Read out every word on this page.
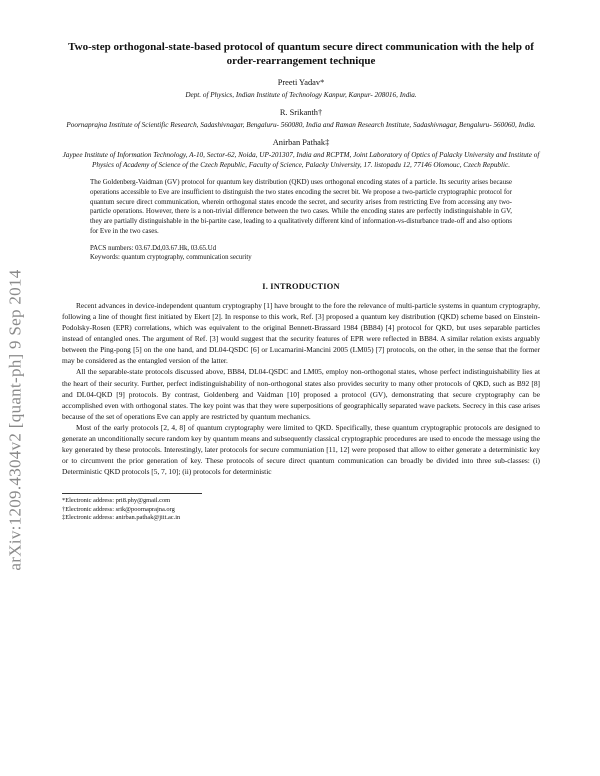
arXiv:1209.4304v2 [quant-ph] 9 Sep 2014
Two-step orthogonal-state-based protocol of quantum secure direct communication with the help of order-rearrangement technique
Preeti Yadav*
Dept. of Physics, Indian Institute of Technology Kanpur, Kanpur- 208016, India.
R. Srikanth†
Poornaprajna Institute of Scientific Research, Sadashivnagar, Bengaluru- 560080, India and Raman Research Institute, Sadashivnagar, Bengaluru- 560060, India.
Anirban Pathak‡
Jaypee Institute of Information Technology, A-10, Sector-62, Noida, UP-201307, India and RCPTM, Joint Laboratory of Optics of Palacky University and Institute of Physics of Academy of Science of the Czech Republic, Faculty of Science, Palacky University, 17. listopadu 12, 77146 Olomouc, Czech Republic.
The Goldenberg-Vaidman (GV) protocol for quantum key distribution (QKD) uses orthogonal encoding states of a particle. Its security arises because operations accessible to Eve are insufficient to distinguish the two states encoding the secret bit. We propose a two-particle cryptographic protocol for quantum secure direct communication, wherein orthogonal states encode the secret, and security arises from restricting Eve from accessing any two-particle operations. However, there is a non-trivial difference between the two cases. While the encoding states are perfectly indistinguishable in GV, they are partially distinguishable in the bi-partite case, leading to a qualitatively different kind of information-vs-disturbance trade-off and also options for Eve in the two cases.
PACS numbers: 03.67.Dd,03.67.Hk, 03.65.Ud
Keywords: quantum cryptography, communication security
I. INTRODUCTION

Recent advances in device-independent quantum cryptography [1] have brought to the fore the relevance of multi-particle systems in quantum cryptography, following a line of thought first initiated by Ekert [2]. In response to this work, Ref. [3] proposed a quantum key distribution (QKD) scheme based on Einstein-Podolsky-Rosen (EPR) correlations, which was equivalent to the original Bennett-Brassard 1984 (BB84) [4] protocol for QKD, but uses separable particles instead of entangled ones. The argument of Ref. [3] would suggest that the security features of EPR were reflected in BB84. A similar relation exists arguably between the Ping-pong [5] on the one hand, and DL04-QSDC [6] or Lucamarini-Mancini 2005 (LM05) [7] protocols, on the other, in the sense that the former may be considered as the entangled version of the latter.

All the separable-state protocols discussed above, BB84, DL04-QSDC and LM05, employ non-orthogonal states, whose perfect indistinguishability lies at the heart of their security. Further, perfect indistinguishability of non-orthogonal states also provides security to many other protocols of QKD, such as B92 [8] and DL04-QKD [9] protocols. By contrast, Goldenberg and Vaidman [10] proposed a protocol (GV), demonstrating that secure cryptography can be accomplished even with orthogonal states. The key point was that they were superpositions of geographically separated wave packets. Secrecy in this case arises because of the set of operations Eve can apply are restricted by quantum mechanics.

Most of the early protocols [2, 4, 8] of quantum cryptography were limited to QKD. Specifically, these quantum cryptographic protocols are designed to generate an unconditionally secure random key by quantum means and subsequently classical cryptographic procedures are used to encode the message using the key generated by these protocols. Interestingly, later protocols for secure communiation [11, 12] were proposed that allow to either generate a deterministic key or to circumvent the prior generation of key. These protocols of secure direct quantum communication can broadly be divided into three sub-classes: (i) Deterministic QKD protocols [5, 7, 10]; (ii) protocols for deterministic

*Electronic address: pri8.phy@gmail.com

†Electronic address: srik@poornaprajna.org

‡Electronic address: anirban.pathak@jiit.ac.in
